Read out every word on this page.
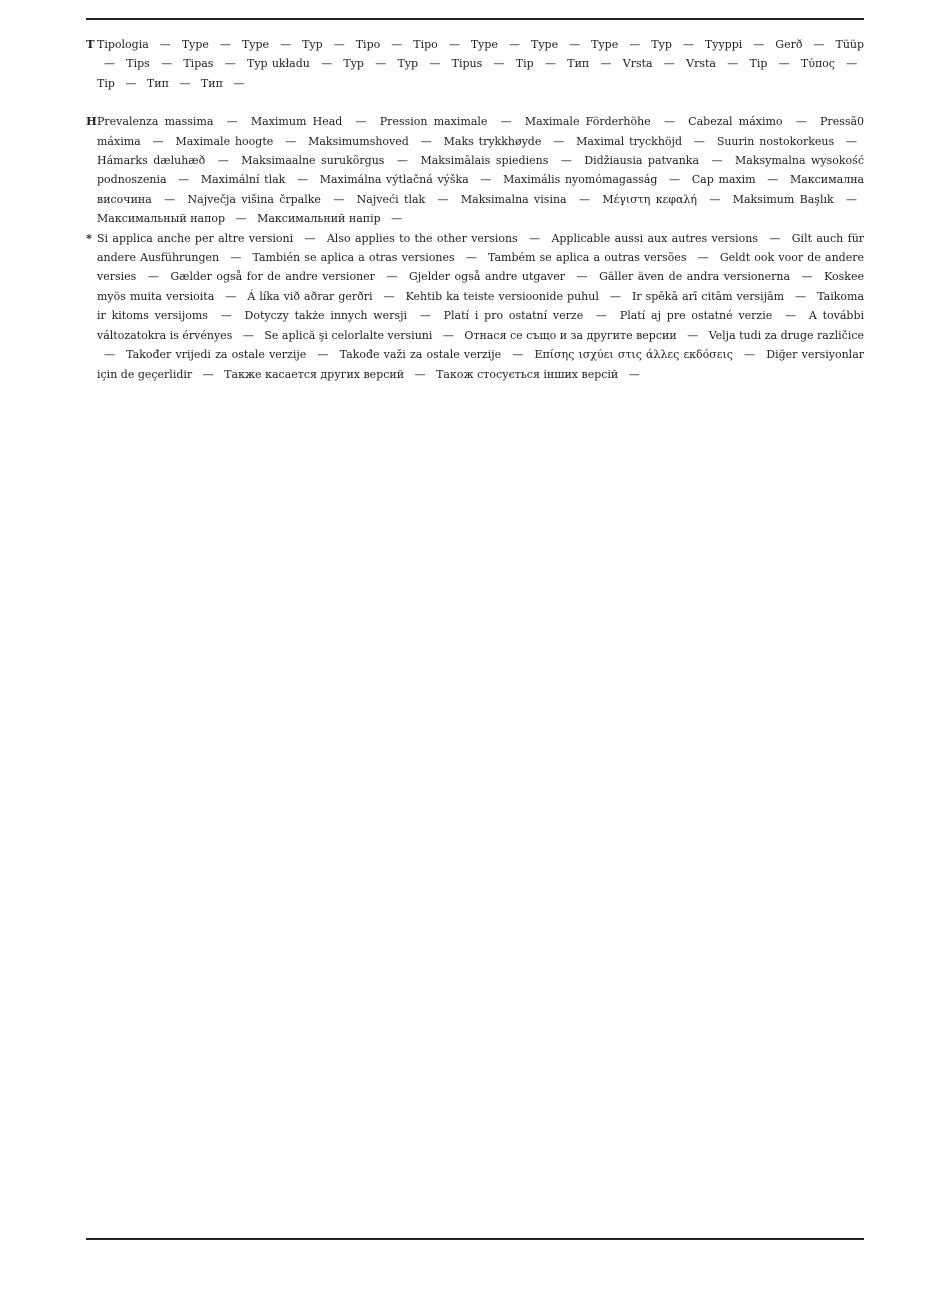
T Tipologia — Type — Type — Typ — Tipo — Tipo — Type — Type — Type — Typ — Tyyppi — Gerð — Tüüp — Tips — Tipas — Typ układu — Typ — Typ — Tipus — Tip — Тип — Vrsta — Vrsta — Tip — Τύπος — Tip — Тип — Тип —
H Prevalenza massima — Maximum Head — Pression maximale — Maximale Förderhöhe — Cabezal máximo — Pressã0 máxima — Maximale hoogte — Maksimumshoved — Maks trykkhøyde — Maximal tryckhöjd — Suurin nostokorkeus — Hámarks dæluhæð — Maksimaalne surukõrgus — Maksimālais spiediens — Didžiausia patvanka — Maksymalna wysokość podnoszenia — Maximální tlak — Maximálna výtlačná výška — Maximális nyomómagasság — Cap maxim — Максимална височина — Največja višina črpalke — Najveći tlak — Maksimalna visina — Μέγιστη κεφαλή — Maksimum Başlık — Максимальный напор — Максимальний напір —
* Si applica anche per altre versioni — Also applies to the other versions — Applicable aussi aux autres versions — Gilt auch für andere Ausführungen — También se aplica a otras versiones — Também se aplica a outras versões — Geldt ook voor de andere versies — Gælder også for de andre versioner — Gjelder også andre utgaver — Gäller även de andra versionerna — Koskee myös muita versioita — Á líka við aðrar gerðri — Kehtib ka teiste versioonide puhul — Ir spēkā arī citām versijām — Taikoma ir kitoms versijoms — Dotyczy także innych wersji — Platí i pro ostatní verze — Platí aj pre ostatné verzie — A további változatokra is érvényes — Se aplică şi celorlalte versiuni — Отнася се също и за другите версии — Velja tudi za druge različice — Također vrijedi za ostale verzije — Takođe važi za ostale verzije — Επίσης ισχύει στις άλλες εκδόσεις — Diğer versiyonlar için de geçerlidir — Также касается других версий — Також стосується інших версій —
